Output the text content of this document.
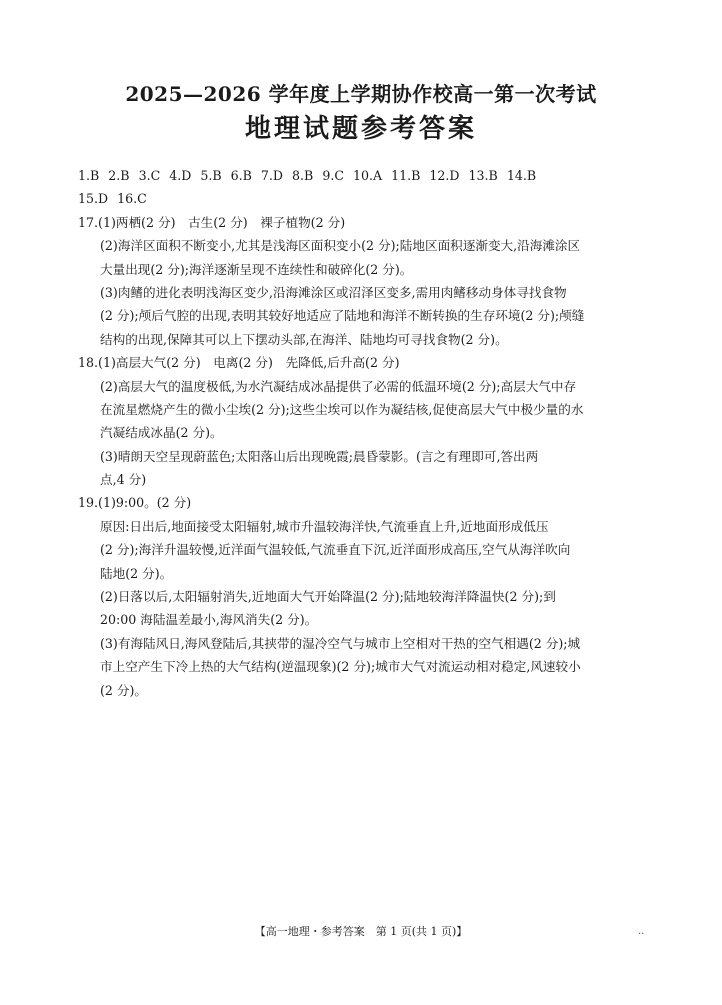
2025—2026 学年度上学期协作校高一第一次考试
地理试题参考答案
1.B 2.B 3.C 4.D 5.B 6.B 7.D 8.B 9.C 10.A 11.B 12.D 13.B 14.B
15.D 16.C
17.(1)两栖(2 分)　古生(2 分)　裸子植物(2 分)
(2)海洋区面积不断变小,尤其是浅海区面积变小(2 分);陆地区面积逐渐变大,沿海滩涂区
大量出现(2 分);海洋逐渐呈现不连续性和破碎化(2 分)。
(3)肉鳍的进化表明浅海区变少,沿海滩涂区或沼泽区变多,需用肉鳍移动身体寻找食物
(2 分);颅后气腔的出现,表明其较好地适应了陆地和海洋不断转换的生存环境(2 分);颅缝
结构的出现,保障其可以上下摆动头部,在海洋、陆地均可寻找食物(2 分)。
18.(1)高层大气(2 分)　电离(2 分)　先降低,后升高(2 分)
(2)高层大气的温度极低,为水汽凝结成冰晶提供了必需的低温环境(2 分);高层大气中存
在流星燃烧产生的微小尘埃(2 分);这些尘埃可以作为凝结核,促使高层大气中极少量的水
汽凝结成冰晶(2 分)。
(3)晴朗天空呈现蔚蓝色;太阳落山后出现晚霞;晨昏蒙影。(言之有理即可,答出两
点,4 分)
19.(1)9:00。(2 分)
原因:日出后,地面接受太阳辐射,城市升温较海洋快,气流垂直上升,近地面形成低压
(2 分);海洋升温较慢,近洋面气温较低,气流垂直下沉,近洋面形成高压,空气从海洋吹向
陆地(2 分)。
(2)日落以后,太阳辐射消失,近地面大气开始降温(2 分);陆地较海洋降温快(2 分);到
20:00 海陆温差最小,海风消失(2 分)。
(3)有海陆风日,海风登陆后,其挟带的湿冷空气与城市上空相对干热的空气相遇(2 分);城
市上空产生下冷上热的大气结构(逆温现象)(2 分);城市大气对流运动相对稳定,风速较小
(2 分)。
【高一地理・参考答案　第 1 页(共 1 页)】	..
